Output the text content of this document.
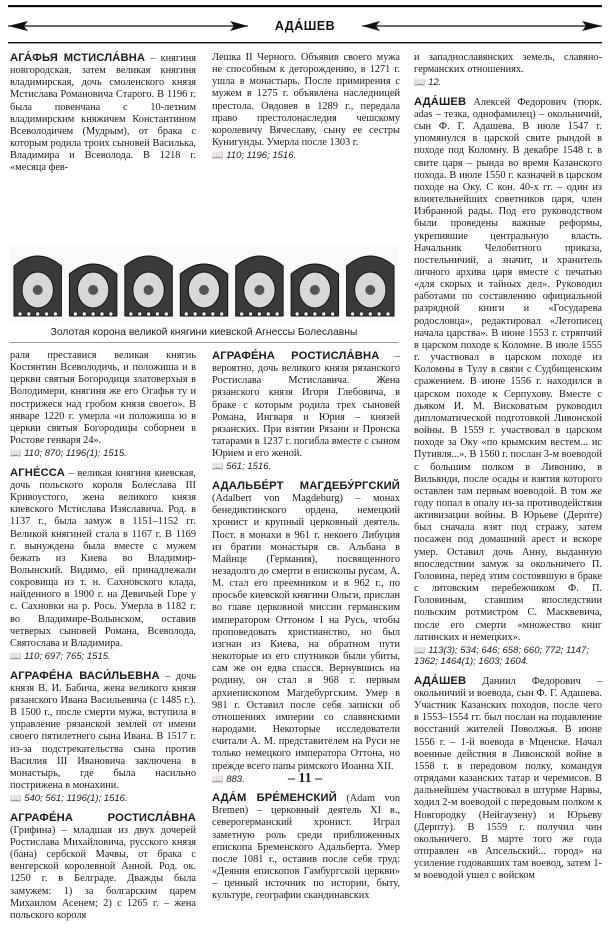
АДА́ШЕВ

АГА́ФЬЯ МСТИСЛА́ВНА – княгиня новгородская, затем великая княгиня владимирская, дочь смоленского князя Мстислава Романовича Старого. В 1196 г. была повенчана с 10-летним владимирским княжичем Константином Всеволодичем (Мудрым), от брака с которым родила троих сыновей Василька, Владимира и Всеволода. В 1218 г. «месяца фев-

Лешка II Черного. Объявив своего мужа не способным к деторождению, в 1271 г. ушла в монастырь. После примирения с мужем в 1275 г. объявлена наследницей престола. Овдовев в 1289 г., передала право престолонаследия чешскому королевичу Вячеславу, сыну ее сестры Кунигунды. Умерла после 1303 г.

📖 110; 1196; 1516.
Золотая корона великой княгини киевской Агнессы Болеславны

раля преставися великая княгиь Костянтин Всеволодичь, и положиша и в церкви святыя Богородиця златоверхыя в Володимери, княгиня же его Огафья ту и пострижеся над гробом князя своего». В январе 1220 г. умерла «и положиша ю в церкви святыя Богородицы соборнеи в Ростове генваря 24».

📖 110; 870; 1196(1); 1515.

АГНЕ́ССА – великая княгиня киевская, дочь польского короля Болеслава III Кривоустого, жена великого князя киевского Мстислава Изяславича. Род. в 1137 г., была замуж в 1151–1152 гг. Великой княгиней стала в 1167 г. В 1169 г. вынуждена была вместе с мужем бежать из Киева во Владимир-Волынский. Видимо, ей принадлежали сокровища из т. н. Сахновского клада, найденного в 1900 г. на Девичьей Горе у с. Сахновки на р. Рось. Умерла в 1182 г. во Владимире-Волынском, оставив четверых сыновей Романа, Всеволода, Святослава и Владимира.

📖 110; 697; 765; 1515.

АГРАФЕ́НА ВАСИ́ЛЬЕВНА – дочь князя В. И. Бабича, жена великого князя рязанского Ивана Васильевича (с 1485 г.). В 1500 г., после смерти мужа, вступила в управление рязанской землей от имени своего пятилетнего сына Ивана. В 1517 г. из-за подстрекательства сына против Василия III Ивановича заключена в монастырь, где была насильно пострижена в монахини.

📖 540; 561; 1196(1); 1516.

АГРАФЕ́НА РОСТИСЛА́ВНА (Грифина) – младшая из двух дочерей Ростислава Михайловича, русского князя (бана) сербской Мачвы, от брака с венгерской королевной Анной. Род. ок. 1250 г. в Белграде. Дважды была замужем: 1) за болгарским царем Михаилом Асенем; 2) с 1265 г. – жена польского короля

АГРАФЕ́НА РОСТИСЛА́ВНА – вероятно, дочь великого князя рязанского Ростислава Мстиславича. Жена рязанского князя Игоря Глебовича, в браке с которым родила трех сыновей Романа, Ингваря и Юрия – князей рязанских. При взятии Рязани и Пронска татарами в 1237 г. погибла вместе с сыном Юрием и его женой.

📖 561; 1516.

АДАЛЬБЕ́РТ МАГДЕБУ́РГСКИЙ (Adalbert von Magdeburg) – монах бенедиктинского ордена, немецкий хронист и крупный церковный деятель. Пост. в монахи в 961 г. некоего Либуция из братии монастыря св. Альбана в Майнце (Германия), посвященного незадолго до смерти в епископы русам, А. М. стал его преемником и в 962 г., по просьбе киевской княгини Ольги, прислан во главе церковной миссии германским императором Оттоном I на Русь, чтобы проповедовать христианство, но был изгнан из Киева, на обратном пути некоторые из его спутников были убиты, сам же он едва спасся. Вернувшись на родину, он стал в 968 г. первым архиепископом Магдебургским. Умер в 981 г. Оставил после себя записки об отношениях империи со славянскими народами. Некоторые исследователи считали А. М. представителем на Руси не только немецкого императора Оттона, но прежде всего папы римского Иоанна XII.

📖 883.

АДА́М БРЕ́МЕНСКИЙ (Adam von Bremen) – церковный деятель XI в., северогерманский хронист. Играл заметную роль среди приближенных епископа Бременского Адальберта. Умер после 1081 г., оставив после себя труд: «Деяния епископов Гамбургской церкви» – ценный источник по истории, быту, культуре, географии скандинавских

и западнославянских земель, славяно-германских отношениях.

📖 12.

АДА́ШЕВ Алексей Федорович (тюрк. adas – тезка, однофамилец) – окольничий, сын Ф. Г. Адашева. В июле 1547 г. упомянулся в царской свите рындой в походе под Коломну. В декабре 1548 г. в свите царя – рында во время Казанского похода. В июле 1550 г. казначей в царском походе на Оку. С кон. 40-х гг. – один из влиятельнейших советников царя, член Избранной рады. Под его руководством были проведены важные реформы, укрепившие центральную власть. Начальник Челобитного приказа, постельничий, а значит, и хранитель личного архива царя вместе с печатью «для скорых и тайных дел». Руководил работами по составлению официальной разрядной книги и «Государева родословца», редактировал «Летописец начала царства». В июне 1553 г. стряпчий в царском походе к Коломне. В июле 1555 г. участвовал в царском походе из Коломны в Тулу в связи с Судбищенским сражением. В июне 1556 г. находился в царском походе к Серпухову. Вместе с дьяком И. М. Висковатым руководил дипломатической подготовкой Ливонской войны. В 1559 г. участвовал в царском походе за Оку «по крымским вестем... ис Путивля...». В 1560 г. послан 3-м воеводой с большим полком в Ливонию, в Вильянди, после осады и взятия которого оставлен там первым воеводой. В том же году попал в опалу из-за противодействия активизации войны. В Юрьеве (Дерпте) был сначала взят под стражу, затем посажен под домашний арест и вскоре умер. Оставил дочь Анну, выданную впоследствии замуж за окольничего П. Головина, перед этим состоявшую в браке с литовским перебежчиком Ф. П. Головиным, ставшим впоследствии польским ротмистром С. Масквевича, после его смерти «множество книг латинских и немецких».

📖 113(3); 534; 646; 658; 660; 772; 1147; 1362; 1464(1); 1603; 1604.

АДА́ШЕВ Даниил Федорович – окольничий и воевода, сын Ф. Г. Адашева. Участник Казанских походов, после чего в 1553–1554 гг. был послан на подавление восстаний жителей Поволжья. В июне 1556 г. – 1-й воевода в Мценске. Начал военные действия в Ливонской войне в 1558 г. в передовом полку, командуя отрядами казанских татар и черемисов. В дальнейшем участвовал в штурме Нарвы, ходил 2-м воеводой с передовым полком к Новгородку (Нейгаузену) и Юрьеву (Дерпту). В 1559 г. получил чин окольничего. В марте того же года отправлен «в Апсельский... город» на усиление годовавших там воевод, затем 1-м воеводой ушел с войском

– 11 –
